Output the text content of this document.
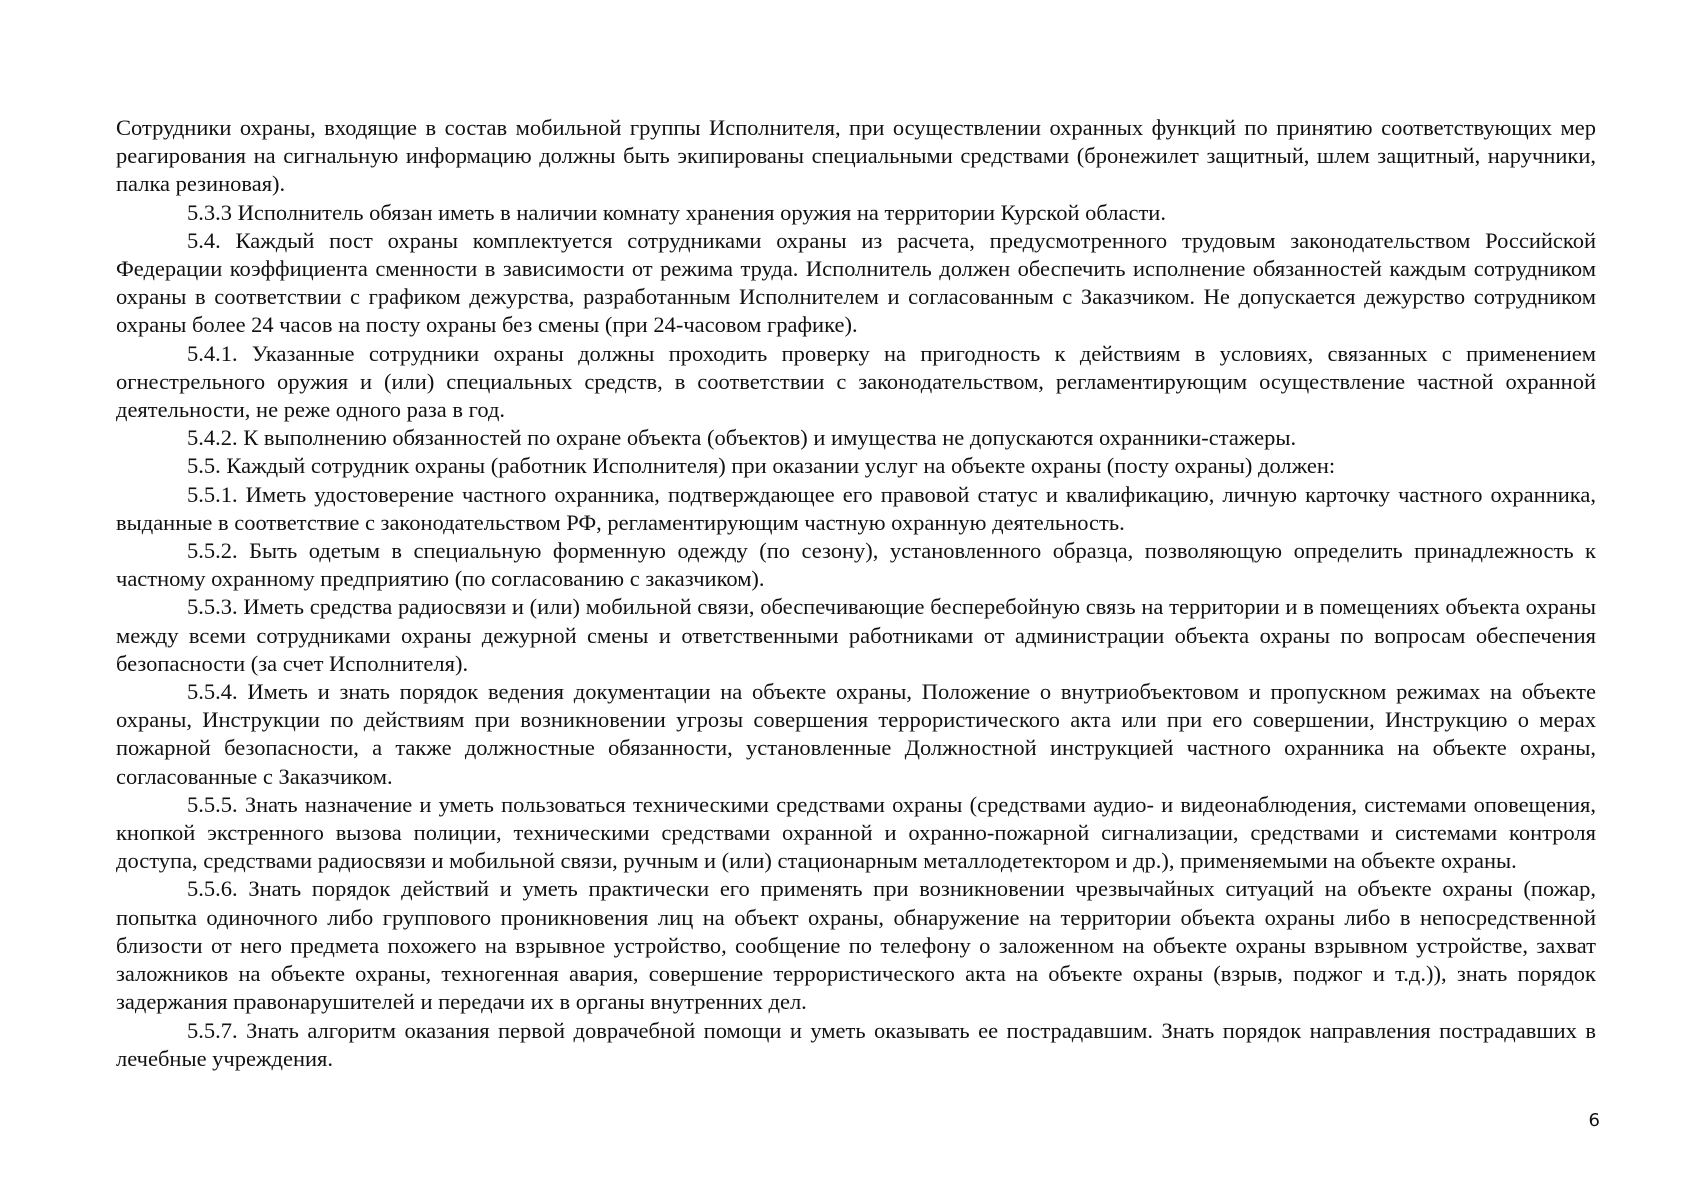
Сотрудники охраны, входящие в состав мобильной группы Исполнителя, при осуществлении охранных функций по принятию соответствующих мер реагирования на сигнальную информацию должны быть экипированы специальными средствами (бронежилет защитный, шлем защитный, наручники, палка резиновая).

5.3.3 Исполнитель обязан иметь в наличии комнату хранения оружия на территории Курской области.

5.4. Каждый пост охраны комплектуется сотрудниками охраны из расчета, предусмотренного трудовым законодательством Российской Федерации коэффициента сменности в зависимости от режима труда. Исполнитель должен обеспечить исполнение обязанностей каждым сотрудником охраны в соответствии с графиком дежурства, разработанным Исполнителем и согласованным с Заказчиком. Не допускается дежурство сотрудником охраны более 24 часов на посту охраны без смены (при 24-часовом графике).

5.4.1. Указанные сотрудники охраны должны проходить проверку на пригодность к действиям в условиях, связанных с применением огнестрельного оружия и (или) специальных средств, в соответствии с законодательством, регламентирующим осуществление частной охранной деятельности, не реже одного раза в год.

5.4.2. К выполнению обязанностей по охране объекта (объектов) и имущества не допускаются охранники-стажеры.

5.5. Каждый сотрудник охраны (работник Исполнителя) при оказании услуг на объекте охраны (посту охраны) должен:

5.5.1. Иметь удостоверение частного охранника, подтверждающее его правовой статус и квалификацию, личную карточку частного охранника, выданные в соответствие с законодательством РФ, регламентирующим частную охранную деятельность.

5.5.2. Быть одетым в специальную форменную одежду (по сезону), установленного образца, позволяющую определить принадлежность к частному охранному предприятию (по согласованию с заказчиком).

5.5.3. Иметь средства радиосвязи и (или) мобильной связи, обеспечивающие бесперебойную связь на территории и в помещениях объекта охраны между всеми сотрудниками охраны дежурной смены и ответственными работниками от администрации объекта охраны по вопросам обеспечения безопасности (за счет Исполнителя).

5.5.4. Иметь и знать порядок ведения документации на объекте охраны, Положение о внутриобъектовом и пропускном режимах на объекте охраны, Инструкции по действиям при возникновении угрозы совершения террористического акта или при его совершении, Инструкцию о мерах пожарной безопасности, а также должностные обязанности, установленные Должностной инструкцией частного охранника на объекте охраны, согласованные с Заказчиком.

5.5.5. Знать назначение и уметь пользоваться техническими средствами охраны (средствами аудио- и видеонаблюдения, системами оповещения, кнопкой экстренного вызова полиции, техническими средствами охранной и охранно-пожарной сигнализации, средствами и системами контроля доступа, средствами радиосвязи и мобильной связи, ручным и (или) стационарным металлодетектором и др.), применяемыми на объекте охраны.

5.5.6. Знать порядок действий и уметь практически его применять при возникновении чрезвычайных ситуаций на объекте охраны (пожар, попытка одиночного либо группового проникновения лиц на объект охраны, обнаружение на территории объекта охраны либо в непосредственной близости от него предмета похожего на взрывное устройство, сообщение по телефону о заложенном на объекте охраны взрывном устройстве, захват заложников на объекте охраны, техногенная авария, совершение террористического акта на объекте охраны (взрыв, поджог и т.д.)), знать порядок задержания правонарушителей и передачи их в органы внутренних дел.

5.5.7. Знать алгоритм оказания первой доврачебной помощи и уметь оказывать ее пострадавшим. Знать порядок направления пострадавших в лечебные учреждения.

6
